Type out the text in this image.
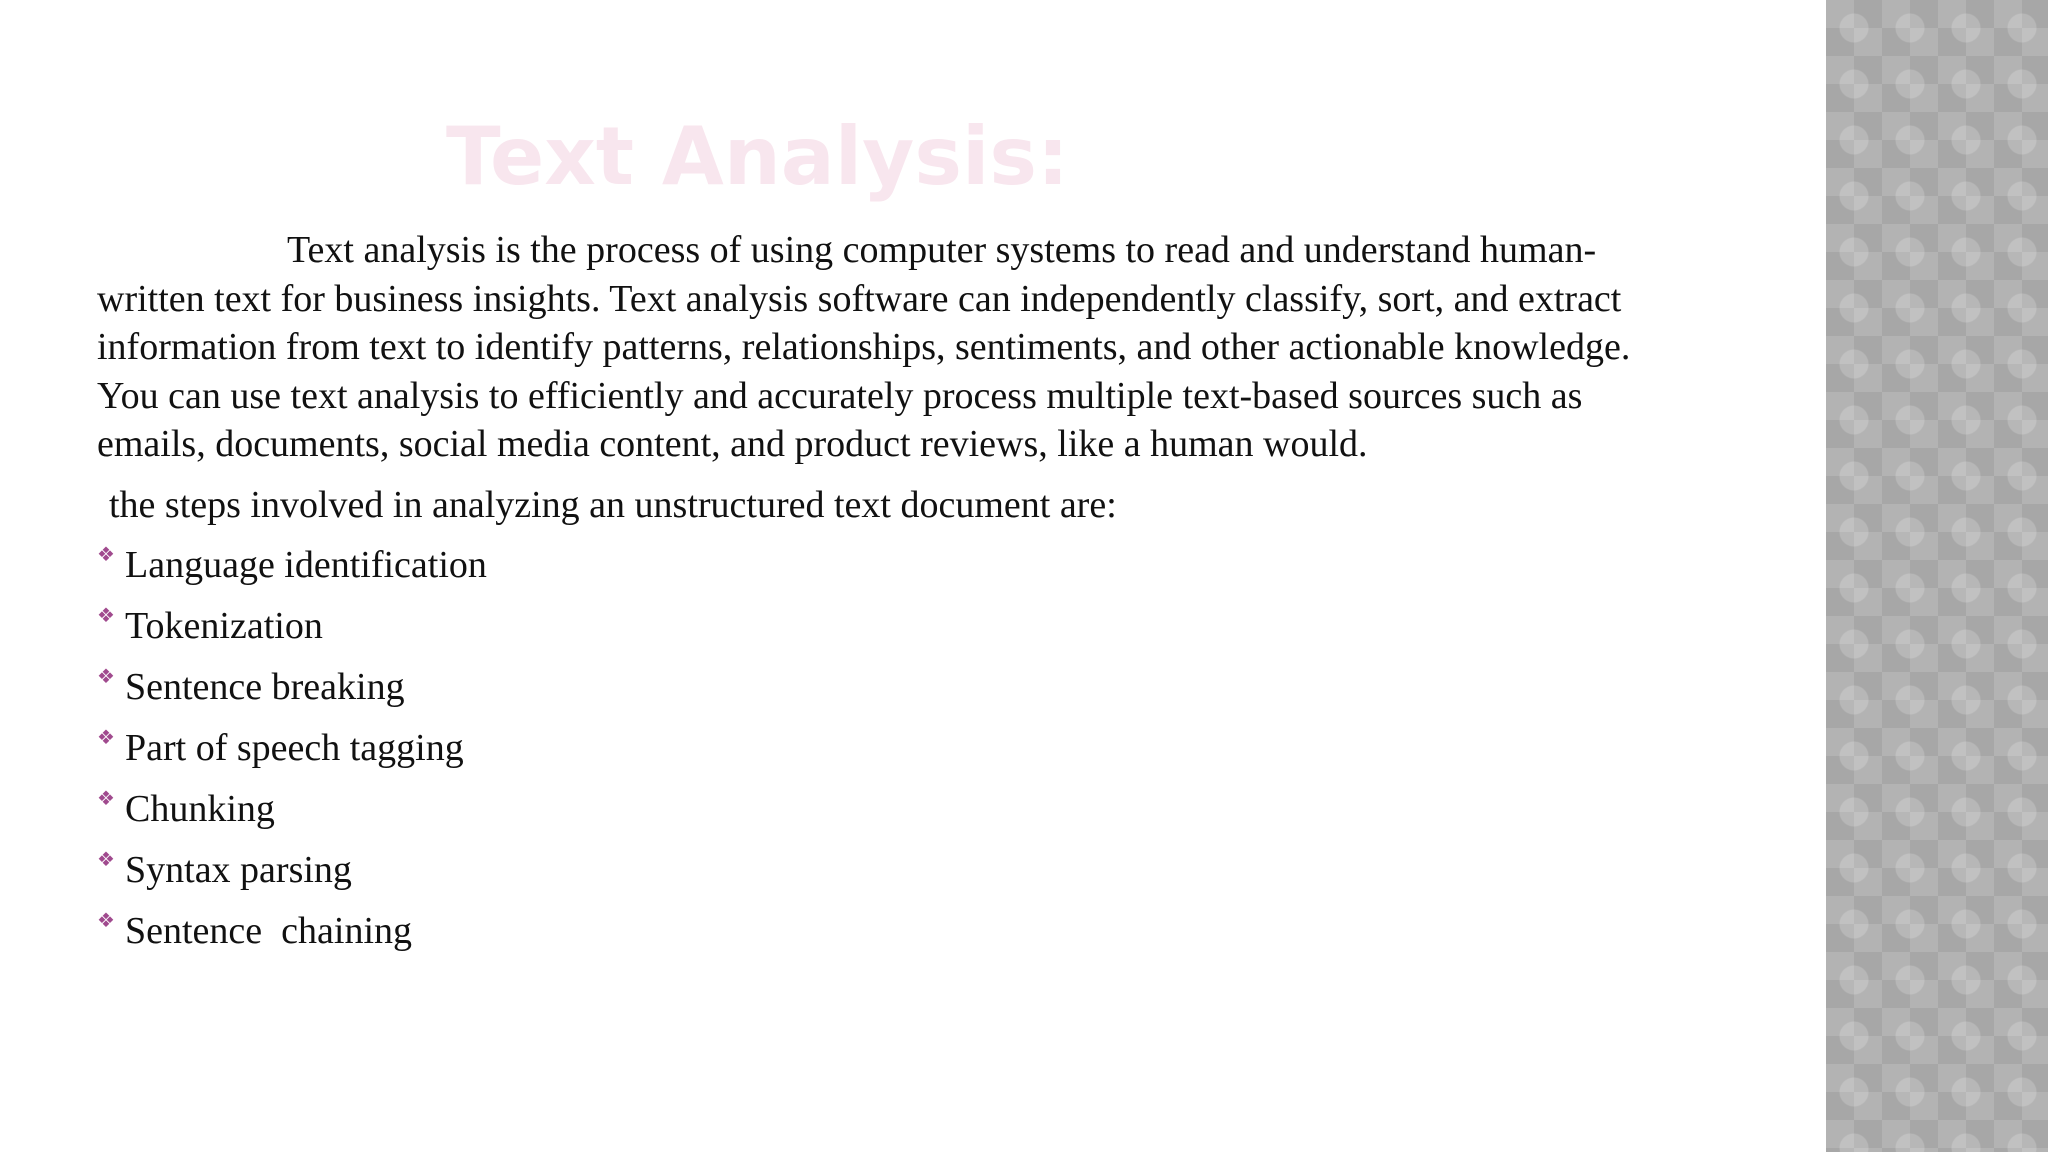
Text Analysis:

Text analysis is the process of using computer systems to read and understand human-written text for business insights. Text analysis software can independently classify, sort, and extract information from text to identify patterns, relationships, sentiments, and other actionable knowledge. You can use text analysis to efficiently and accurately process multiple text-based sources such as emails, documents, social media content, and product reviews, like a human would.

the steps involved in analyzing an unstructured text document are:

❖ Language identification
❖ Tokenization
❖ Sentence breaking
❖ Part of speech tagging
❖ Chunking
❖ Syntax parsing
❖ Sentence  chaining
